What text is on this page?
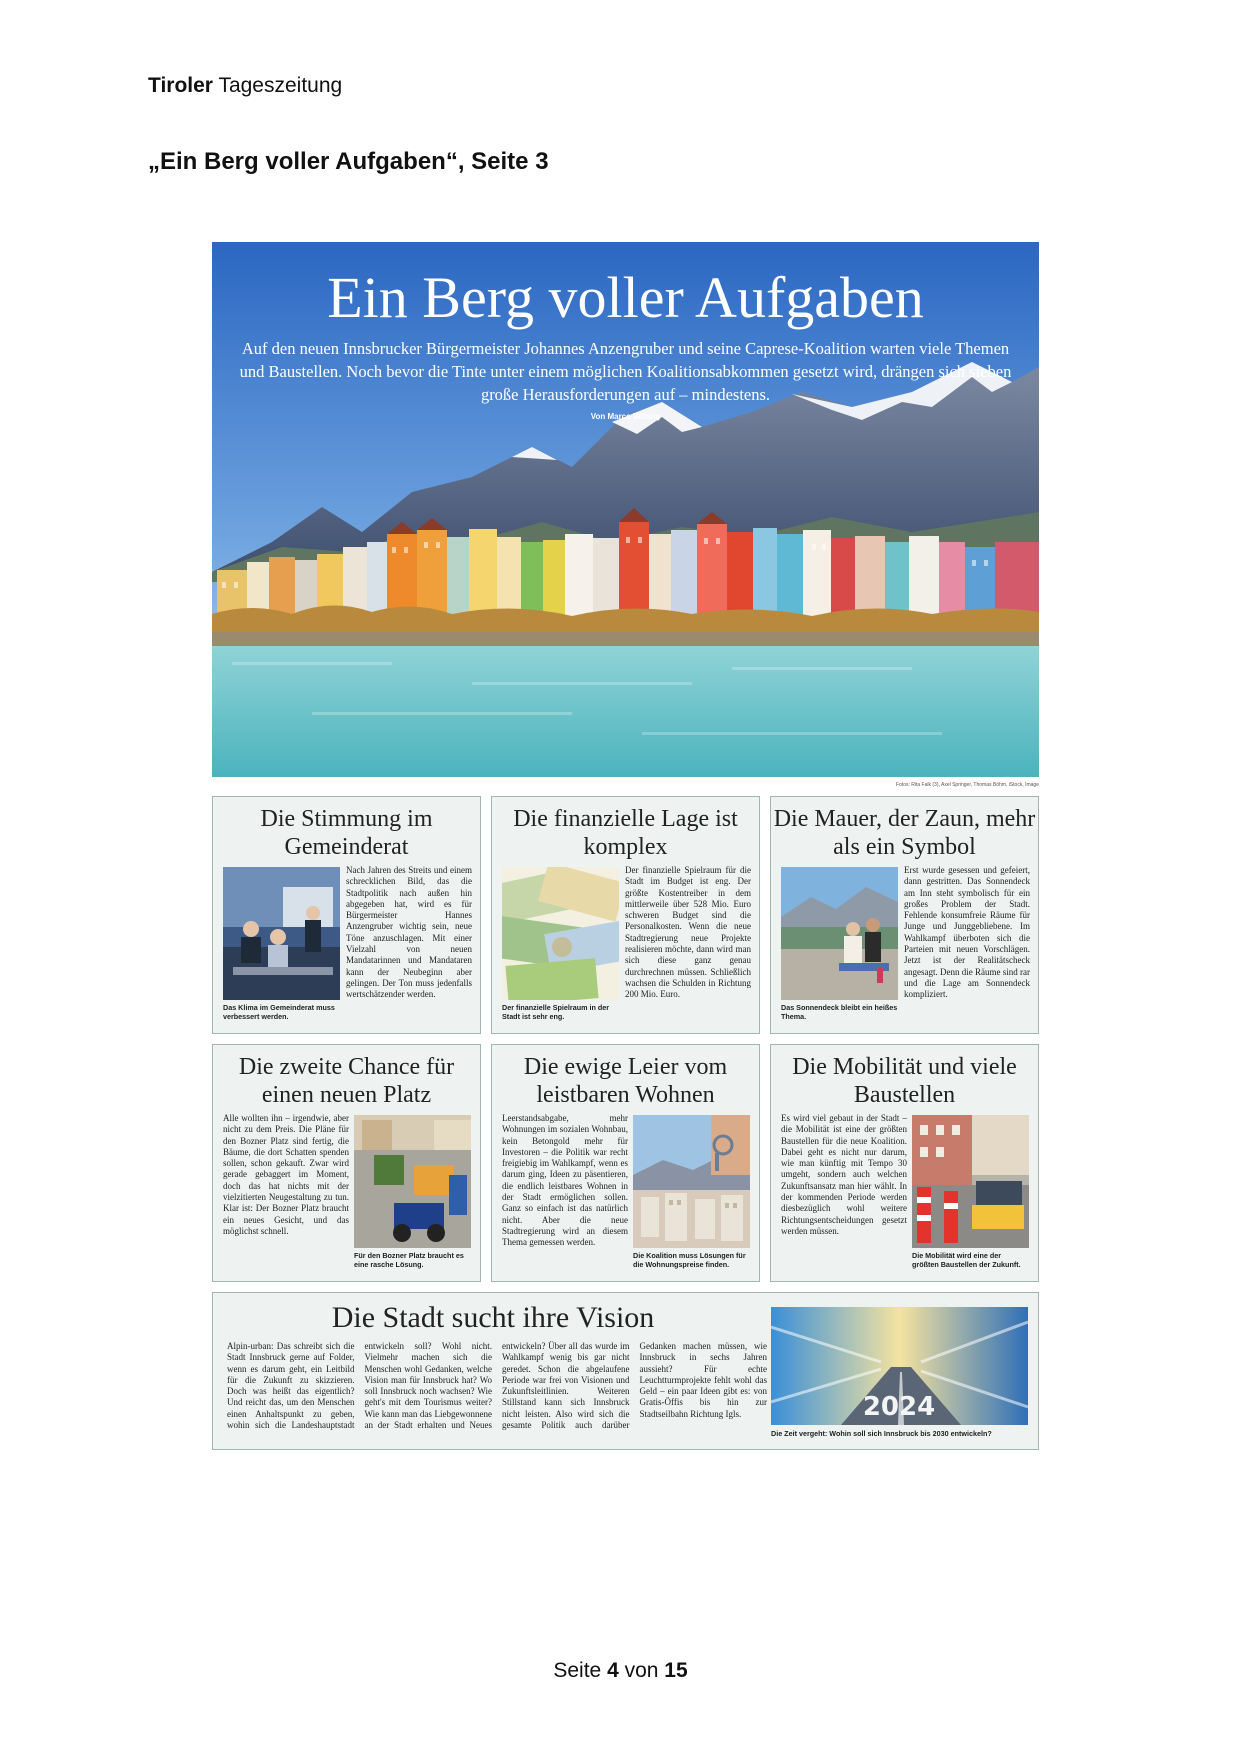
Tiroler Tageszeitung
„Ein Berg voller Aufgaben“, Seite 3
Ein Berg voller Aufgaben
Auf den neuen Innsbrucker Bürgermeister Johannes Anzengruber und seine Caprese-Koalition warten viele Themen und Baustellen. Noch bevor die Tinte unter einem möglichen Koalitionsabkommen gesetzt wird, drängen sich sieben große Herausforderungen auf – mindestens.
Von Marco Witting
Fotos: Rita Falk (3), Axel Springer, Thomas Böhm, iStock, Image
Die Stimmung im Gemeinderat
Nach Jahren des Streits und einem schrecklichen Bild, das die Stadtpolitik nach außen hin abgegeben hat, wird es für Bürgermeister Hannes Anzengruber wichtig sein, neue Töne anzuschlagen. Mit einer Vielzahl von neuen Mandatarinnen und Mandataren kann der Neubeginn aber gelingen. Der Ton muss jedenfalls wertschätzender werden.
Das Klima im Gemeinderat muss verbessert werden.
Die finanzielle Lage ist komplex
Der finanzielle Spielraum für die Stadt im Budget ist eng. Der größte Kostentreiber in dem mittlerweile über 528 Mio. Euro schweren Budget sind die Personalkosten. Wenn die neue Stadtregierung neue Projekte realisieren möchte, dann wird man sich diese ganz genau durchrechnen müssen. Schließlich wachsen die Schulden in Richtung 200 Mio. Euro.
Der finanzielle Spielraum in der Stadt ist sehr eng.
Die Mauer, der Zaun, mehr als ein Symbol
Erst wurde gesessen und gefeiert, dann gestritten. Das Sonnendeck am Inn steht symbolisch für ein großes Problem der Stadt. Fehlende konsumfreie Räume für Junge und Junggebliebene. Im Wahlkampf überboten sich die Parteien mit neuen Vorschlägen. Jetzt ist der Realitätscheck angesagt. Denn die Räume sind rar und die Lage am Sonnendeck kompliziert.
Das Sonnendeck bleibt ein heißes Thema.
Die zweite Chance für einen neuen Platz
Alle wollten ihn – irgendwie, aber nicht zu dem Preis. Die Pläne für den Bozner Platz sind fertig, die Bäume, die dort Schatten spenden sollen, schon gekauft. Zwar wird gerade gebaggert im Moment, doch das hat nichts mit der vielzitierten Neugestaltung zu tun. Klar ist: Der Bozner Platz braucht ein neues Gesicht, und das möglichst schnell.
Für den Bozner Platz braucht es eine rasche Lösung.
Die ewige Leier vom leistbaren Wohnen
Leerstandsabgabe, mehr Wohnungen im sozialen Wohnbau, kein Betongold mehr für Investoren – die Politik war recht freigiebig im Wahlkampf, wenn es darum ging, Ideen zu päsentieren, die endlich leistbares Wohnen in der Stadt ermöglichen sollen. Ganz so einfach ist das natürlich nicht. Aber die neue Stadtregierung wird an diesem Thema gemessen werden.
Die Koalition muss Lösungen für die Wohnungspreise finden.
Die Mobilität und viele Baustellen
Es wird viel gebaut in der Stadt – die Mobilität ist eine der größten Baustellen für die neue Koalition. Dabei geht es nicht nur darum, wie man künftig mit Tempo 30 umgeht, sondern auch welchen Zukunftsansatz man hier wählt. In der kommenden Periode werden diesbezüglich wohl weitere Richtungsentscheidungen gesetzt werden müssen.
Die Mobilität wird eine der größten Baustellen der Zukunft.
Die Stadt sucht ihre Vision
Alpin-urban: Das schreibt sich die Stadt Innsbruck gerne auf Folder, wenn es darum geht, ein Leitbild für die Zukunft zu skizzieren. Doch was heißt das eigentlich? Und reicht das, um den Menschen einen Anhaltspunkt zu geben, wohin sich die Landeshauptstadt entwickeln soll? Wohl nicht. Vielmehr machen sich die Menschen wohl Gedanken, welche Vision man für Innsbruck hat? Wo soll Innsbruck noch wachsen? Wie geht's mit dem Tourismus weiter? Wie kann man das Liebgewonnene an der Stadt erhalten und Neues entwickeln? Über all das wurde im Wahlkampf wenig bis gar nicht geredet. Schon die abgelaufene Periode war frei von Visionen und Zukunftsleitlinien. Weiteren Stillstand kann sich Innsbruck nicht leisten. Also wird sich die gesamte Politik auch darüber Gedanken machen müssen, wie Innsbruck in sechs Jahren aussieht? Für echte Leuchtturmprojekte fehlt wohl das Geld – ein paar Ideen gibt es: von Gratis-Öffis bis hin zur Stadtseilbahn Richtung Igls.	2024
Die Zeit vergeht: Wohin soll sich Innsbruck bis 2030 entwickeln?
Seite 4 von 15
